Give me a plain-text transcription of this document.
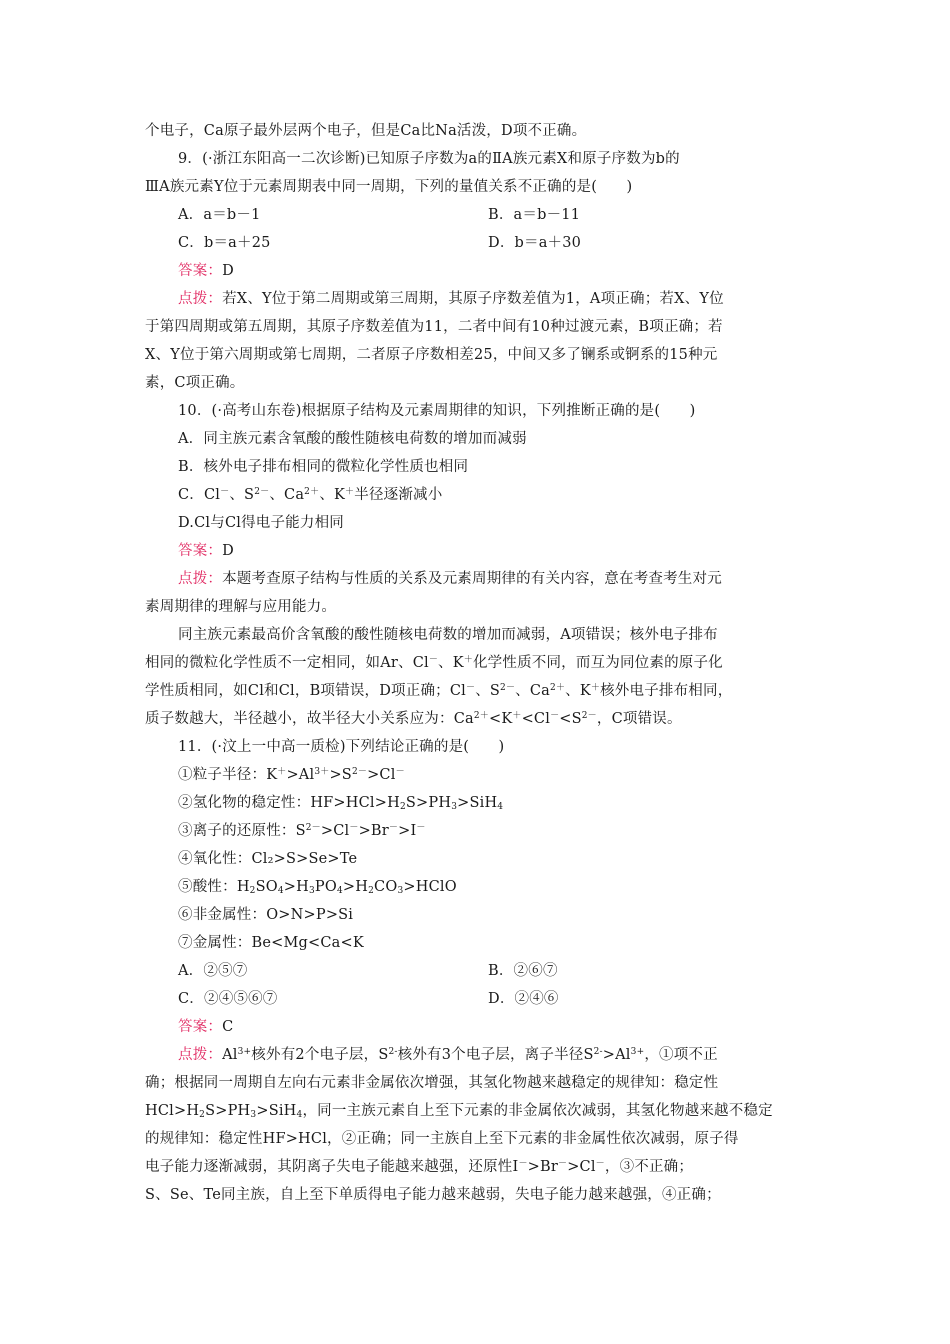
个电子，Ca原子最外层两个电子，但是Ca比Na活泼，D项不正确。
9．(·浙江东阳高一二次诊断)已知原子序数为a的ⅡA族元素X和原子序数为b的
ⅢA族元素Y位于元素周期表中同一周期，下列的量值关系不正确的是(　　)
A．a＝b－1	B．a＝b－11
C．b＝a＋25	D．b＝a＋30
答案：D
点拨：若X、Y位于第二周期或第三周期，其原子序数差值为1，A项正确；若X、Y位
于第四周期或第五周期，其原子序数差值为11，二者中间有10种过渡元素，B项正确；若
X、Y位于第六周期或第七周期，二者原子序数相差25，中间又多了镧系或锕系的15种元
素，C项正确。
10．(·高考山东卷)根据原子结构及元素周期律的知识，下列推断正确的是(　　)
A．同主族元素含氧酸的酸性随核电荷数的增加而减弱
B．核外电子排布相同的微粒化学性质也相同
C．Cl－、$S^{2-}$、$Ca^{2+}$、K＋半径逐渐减小
D.Cl与Cl得电子能力相同
答案：D
点拨：本题考查原子结构与性质的关系及元素周期律的有关内容，意在考查考生对元
素周期律的理解与应用能力。
同主族元素最高价含氧酸的酸性随核电荷数的增加而减弱，A项错误；核外电子排布
相同的微粒化学性质不一定相同，如Ar、Cl－、K＋化学性质不同，而互为同位素的原子化
学性质相同，如Cl和Cl，B项错误，D项正确；Cl－、$S^{2-}$、$Ca^{2+}$、K＋核外电子排布相同，
质子数越大，半径越小，故半径大小关系应为：$Ca^{2+}<K^+<Cl^-<S^{2-}$，C项错误。
11．(·汶上一中高一质检)下列结论正确的是(　　)
①粒子半径：$K^+>Al^{3+}>S^{2-}>Cl^-$
②氢化物的稳定性：$HF>HCl>H_2S>PH_3>SiH_4$
③离子的还原性：$S^{2-}>Cl^->Br^->I^-$
④氧化性：Cl₂>S>Se>Te
⑤酸性：$H_2SO_4>H_3PO_4>H_2CO_3>HClO$
⑥非金属性：O>N>P>Si
⑦金属性：Be<Mg<Ca<K
A．②⑤⑦	B．②⑥⑦
C．②④⑤⑥⑦	D．②④⑥
答案：C
点拨：$Al^{3+}$核外有2个电子层，$S^{2-}$核外有3个电子层，离子半径$S^{2-}>Al^{3+}$，①项不正
确；根据同一周期自左向右元素非金属依次增强，其氢化物越来越稳定的规律知：稳定性
$HCl>H_2S>PH_3>SiH_4$，同一主族元素自上至下元素的非金属依次减弱，其氢化物越来越不稳定
的规律知：稳定性HF>HCl，②正确；同一主族自上至下元素的非金属性依次减弱，原子得
电子能力逐渐减弱，其阴离子失电子能越来越强，还原性I－>Br－>Cl－，③不正确；
S、Se、Te同主族，自上至下单质得电子能力越来越弱，失电子能力越来越强，④正确；
